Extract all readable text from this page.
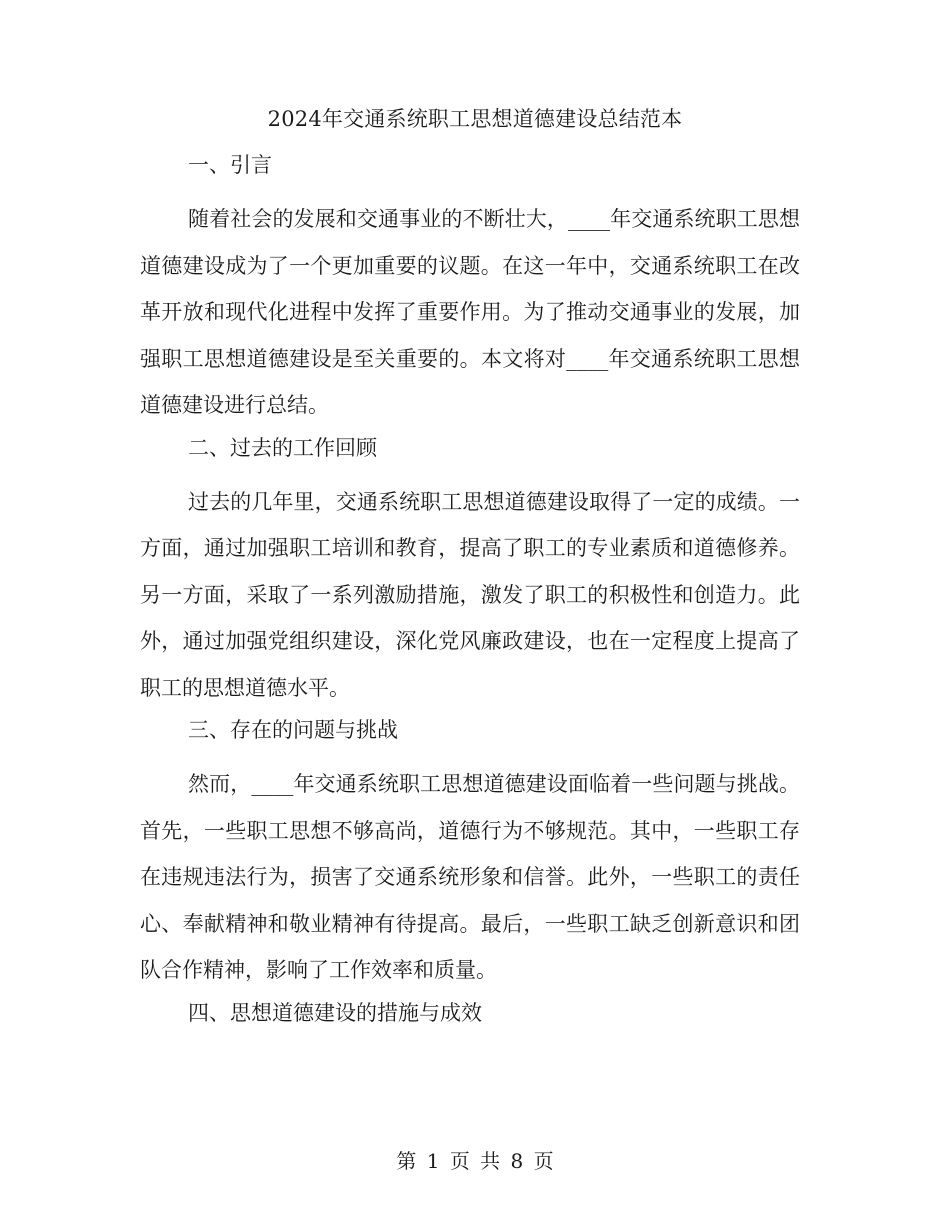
2024年交通系统职工思想道德建设总结范本

一、引言

随着社会的发展和交通事业的不断壮大，____年交通系统职工思想道德建设成为了一个更加重要的议题。在这一年中，交通系统职工在改革开放和现代化进程中发挥了重要作用。为了推动交通事业的发展，加强职工思想道德建设是至关重要的。本文将对____年交通系统职工思想道德建设进行总结。

二、过去的工作回顾

过去的几年里，交通系统职工思想道德建设取得了一定的成绩。一方面，通过加强职工培训和教育，提高了职工的专业素质和道德修养。另一方面，采取了一系列激励措施，激发了职工的积极性和创造力。此外，通过加强党组织建设，深化党风廉政建设，也在一定程度上提高了职工的思想道德水平。

三、存在的问题与挑战

然而，____年交通系统职工思想道德建设面临着一些问题与挑战。首先，一些职工思想不够高尚，道德行为不够规范。其中，一些职工存在违规违法行为，损害了交通系统形象和信誉。此外，一些职工的责任心、奉献精神和敬业精神有待提高。最后，一些职工缺乏创新意识和团队合作精神，影响了工作效率和质量。

四、思想道德建设的措施与成效

第 1 页 共 8 页
